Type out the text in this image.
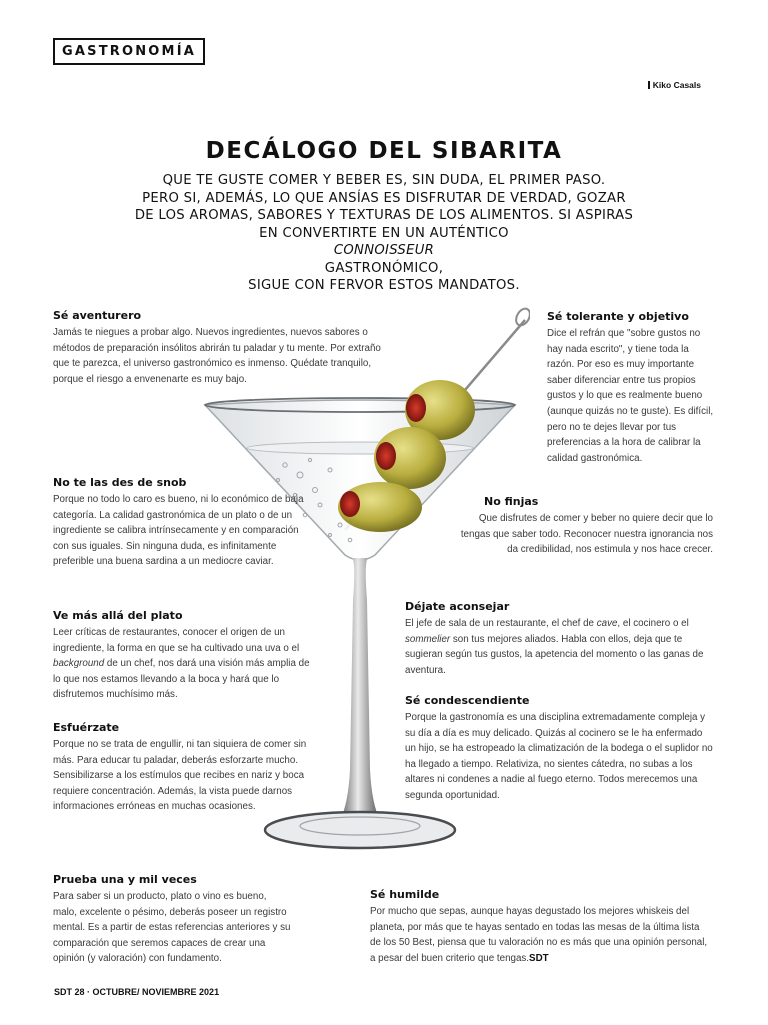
GASTRONOMÍA
Kiko Casals
DECÁLOGO DEL SIBARITA
QUE TE GUSTE COMER Y BEBER ES, SIN DUDA, EL PRIMER PASO.
PERO SI, ADEMÁS, LO QUE ANSÍAS ES DISFRUTAR DE VERDAD, GOZAR
DE LOS AROMAS, SABORES Y TEXTURAS DE LOS ALIMENTOS. SI ASPIRAS
EN CONVERTIRTE EN UN AUTÉNTICO
CONNOISSEUR
GASTRONÓMICO,
SIGUE CON FERVOR ESTOS MANDATOS.
Sé aventurero

Jamás te niegues a probar algo. Nuevos ingredientes, nuevos sabores o métodos de preparación insólitos abrirán tu paladar y tu mente. Por extraño que te parezca, el universo gastronómico es inmenso. Quédate tranquilo, porque el riesgo a envenenarte es muy bajo.

Sé tolerante y objetivo

Dice el refrán que "sobre gustos no hay nada escrito", y tiene toda la razón. Por eso es muy importante saber diferenciar entre tus propios gustos y lo que es realmente bueno (aunque quizás no te guste). Es difícil, pero no te dejes llevar por tus preferencias a la hora de calibrar la calidad gastronómica.

No te las des de snob

Porque no todo lo caro es bueno, ni lo económico de baja categoría. La calidad gastronómica de un plato o de un ingrediente se calibra intrínsecamente y en comparación con sus iguales. Sin ninguna duda, es infinitamente preferible una buena sardina a un mediocre caviar.

No finjas

Que disfrutes de comer y beber no quiere decir que lo tengas que saber todo. Reconocer nuestra ignorancia nos da credibilidad, nos estimula y nos hace crecer.

Ve más allá del plato

Leer críticas de restaurantes, conocer el origen de un ingrediente, la forma en que se ha cultivado una uva o el background de un chef, nos dará una visión más amplia de lo que nos estamos llevando a la boca y hará que lo disfrutemos muchísimo más.

Déjate aconsejar

El jefe de sala de un restaurante, el chef de cave, el cocinero o el sommelier son tus mejores aliados. Habla con ellos, deja que te sugieran según tus gustos, la apetencia del momento o las ganas de aventura.

Esfuérzate

Porque no se trata de engullir, ni tan siquiera de comer sin más. Para educar tu paladar, deberás esforzarte mucho. Sensibilizarse a los estímulos que recibes en nariz y boca requiere concentración. Además, la vista puede darnos informaciones erróneas en muchas ocasiones.

Sé condescendiente

Porque la gastronomía es una disciplina extremadamente compleja y su día a día es muy delicado. Quizás al cocinero se le ha enfermado un hijo, se ha estropeado la climatización de la bodega o el suplidor no ha llegado a tiempo. Relativiza, no sientes cátedra, no subas a los altares ni condenes a nadie al fuego eterno. Todos merecemos una segunda oportunidad.

Prueba una y mil veces

Para saber si un producto, plato o vino es bueno, malo, excelente o pésimo, deberás poseer un registro mental. Es a partir de estas referencias anteriores y su comparación que seremos capaces de crear una opinión (y valoración) con fundamento.

Sé humilde

Por mucho que sepas, aunque hayas degustado los mejores whiskeis del planeta, por más que te hayas sentado en todas las mesas de la última lista de los 50 Best, piensa que tu valoración no es más que una opinión personal, a pesar del buen criterio que tengas.SDT

SDT 28 · OCTUBRE/ NOVIEMBRE 2021
